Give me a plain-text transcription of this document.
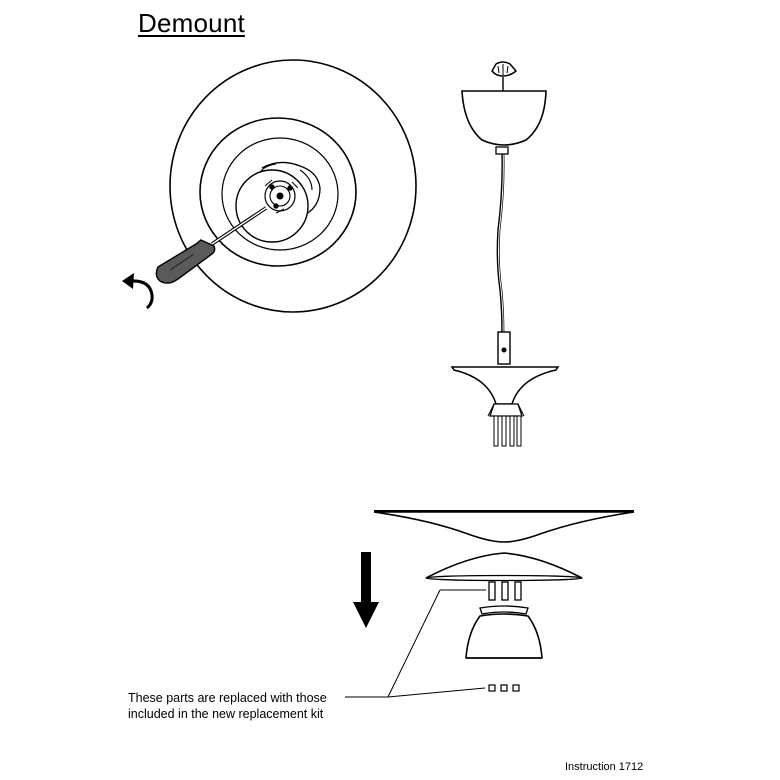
Demount
These parts are replaced with those
included in the new replacement kit
Instruction 1712
